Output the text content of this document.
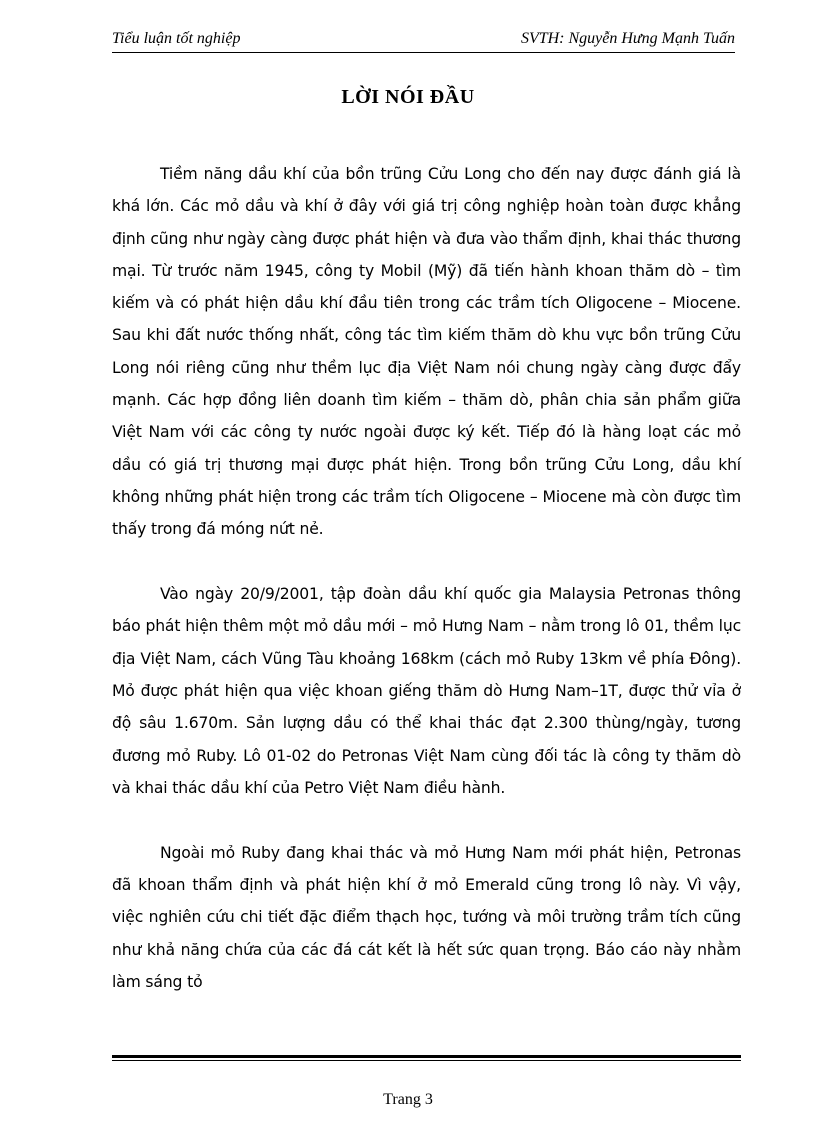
Tiểu luận tốt nghiệp	SVTH: Nguyễn Hưng Mạnh Tuấn
LỜI NÓI ĐẦU

Tiềm năng dầu khí của bồn trũng Cửu Long cho đến nay được đánh giá là khá lớn. Các mỏ dầu và khí ở đây với giá trị công nghiệp hoàn toàn được khẳng định cũng như ngày càng được phát hiện và đưa vào thẩm định, khai thác thương mại. Từ trước năm 1945, công ty Mobil (Mỹ) đã tiến hành khoan thăm dò – tìm kiếm và có phát hiện dầu khí đầu tiên trong các trầm tích Oligocene – Miocene. Sau khi đất nước thống nhất, công tác tìm kiếm thăm dò khu vực bồn trũng Cửu Long nói riêng cũng như thềm lục địa Việt Nam nói chung ngày càng được đẩy mạnh. Các hợp đồng liên doanh tìm kiếm – thăm dò, phân chia sản phẩm giữa Việt Nam với các công ty nước ngoài được ký kết. Tiếp đó là hàng loạt các mỏ dầu có giá trị thương mại được phát hiện. Trong bồn trũng Cửu Long, dầu khí không những phát hiện trong các trầm tích Oligocene – Miocene mà còn được tìm thấy trong đá móng nứt nẻ.

Vào ngày 20/9/2001, tập đoàn dầu khí quốc gia Malaysia Petronas thông báo phát hiện thêm một mỏ dầu mới – mỏ Hưng Nam – nằm trong lô 01, thềm lục địa Việt Nam, cách Vũng Tàu khoảng 168km (cách mỏ Ruby 13km về phía Đông). Mỏ được phát hiện qua việc khoan giếng thăm dò Hưng Nam–1T, được thử vỉa ở độ sâu 1.670m. Sản lượng dầu có thể khai thác đạt 2.300 thùng/ngày, tương đương mỏ Ruby. Lô 01-02 do Petronas Việt Nam cùng đối tác là công ty thăm dò và khai thác dầu khí của Petro Việt Nam điều hành.

Ngoài mỏ Ruby đang khai thác và mỏ Hưng Nam mới phát hiện, Petronas đã khoan thẩm định và phát hiện khí ở mỏ Emerald cũng trong lô này. Vì vậy, việc nghiên cứu chi tiết đặc điểm thạch học, tướng và môi trường trầm tích cũng như khả năng chứa của các đá cát kết là hết sức quan trọng. Báo cáo này nhằm làm sáng tỏ

Trang 3
